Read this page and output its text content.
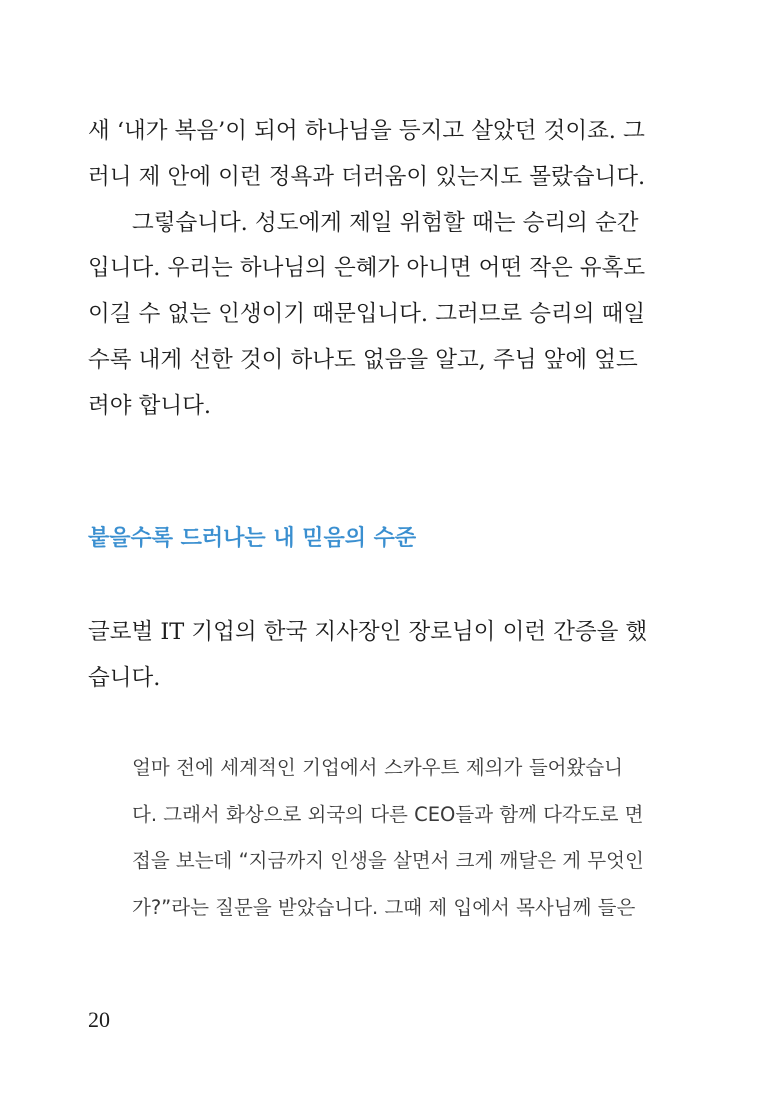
새 ‘내가 복음’이 되어 하나님을 등지고 살았던 것이죠. 그
러니 제 안에 이런 정욕과 더러움이 있는지도 몰랐습니다.
그렇습니다. 성도에게 제일 위험할 때는 승리의 순간
입니다. 우리는 하나님의 은혜가 아니면 어떤 작은 유혹도
이길 수 없는 인생이기 때문입니다. 그러므로 승리의 때일
수록 내게 선한 것이 하나도 없음을 알고, 주님 앞에 엎드
려야 합니다.
붙을수록 드러나는 내 믿음의 수준
글로벌 IT 기업의 한국 지사장인 장로님이 이런 간증을 했
습니다.
얼마 전에 세계적인 기업에서 스카우트 제의가 들어왔습니
다. 그래서 화상으로 외국의 다른 CEO들과 함께 다각도로 면
접을 보는데 “지금까지 인생을 살면서 크게 깨달은 게 무엇인
가?”라는 질문을 받았습니다. 그때 제 입에서 목사님께 들은
20
